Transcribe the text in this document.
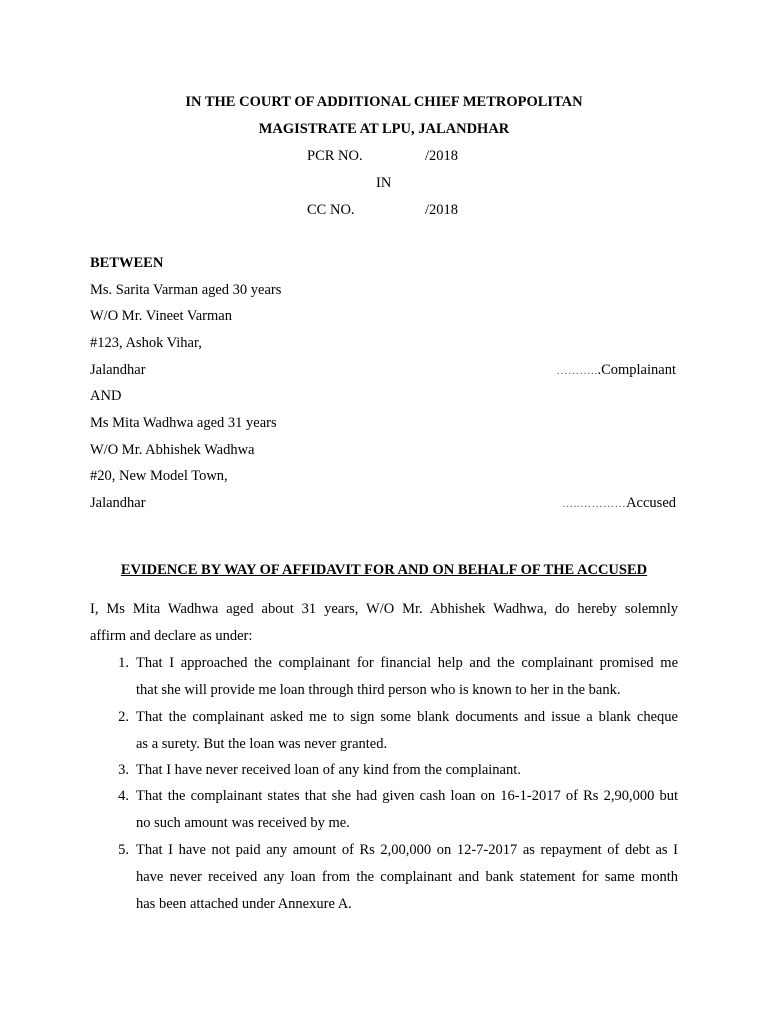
IN THE COURT OF ADDITIONAL CHIEF METROPOLITAN
MAGISTRATE AT LPU, JALANDHAR
PCR NO.	/2018
IN
CC NO.	/2018
BETWEEN
Ms. Sarita Varman aged 30 years
W/O Mr. Vineet Varman
#123, Ashok Vihar,
Jalandhar	………...Complainant
AND
Ms Mita Wadhwa aged 31 years
W/O Mr. Abhishek Wadhwa
#20, New Model Town,
Jalandhar	…..…………Accused
EVIDENCE BY WAY OF AFFIDAVIT FOR AND ON BEHALF OF THE ACCUSED
I, Ms Mita Wadhwa aged about 31 years, W/O Mr. Abhishek Wadhwa, do hereby solemnly
affirm and declare as under:
1. That I approached the complainant for financial help and the complainant promised me
that she will provide me loan through third person who is known to her in the bank.
2. That the complainant asked me to sign some blank documents and issue a blank cheque
as a surety. But the loan was never granted.
3. That I have never received loan of any kind from the complainant.
4. That the complainant states that she had given cash loan on 16-1-2017 of Rs 2,90,000 but
no such amount was received by me.
5. That I have not paid any amount of Rs 2,00,000 on 12-7-2017 as repayment of debt as I
have never received any loan from the complainant and bank statement for same month
has been attached under Annexure A.
